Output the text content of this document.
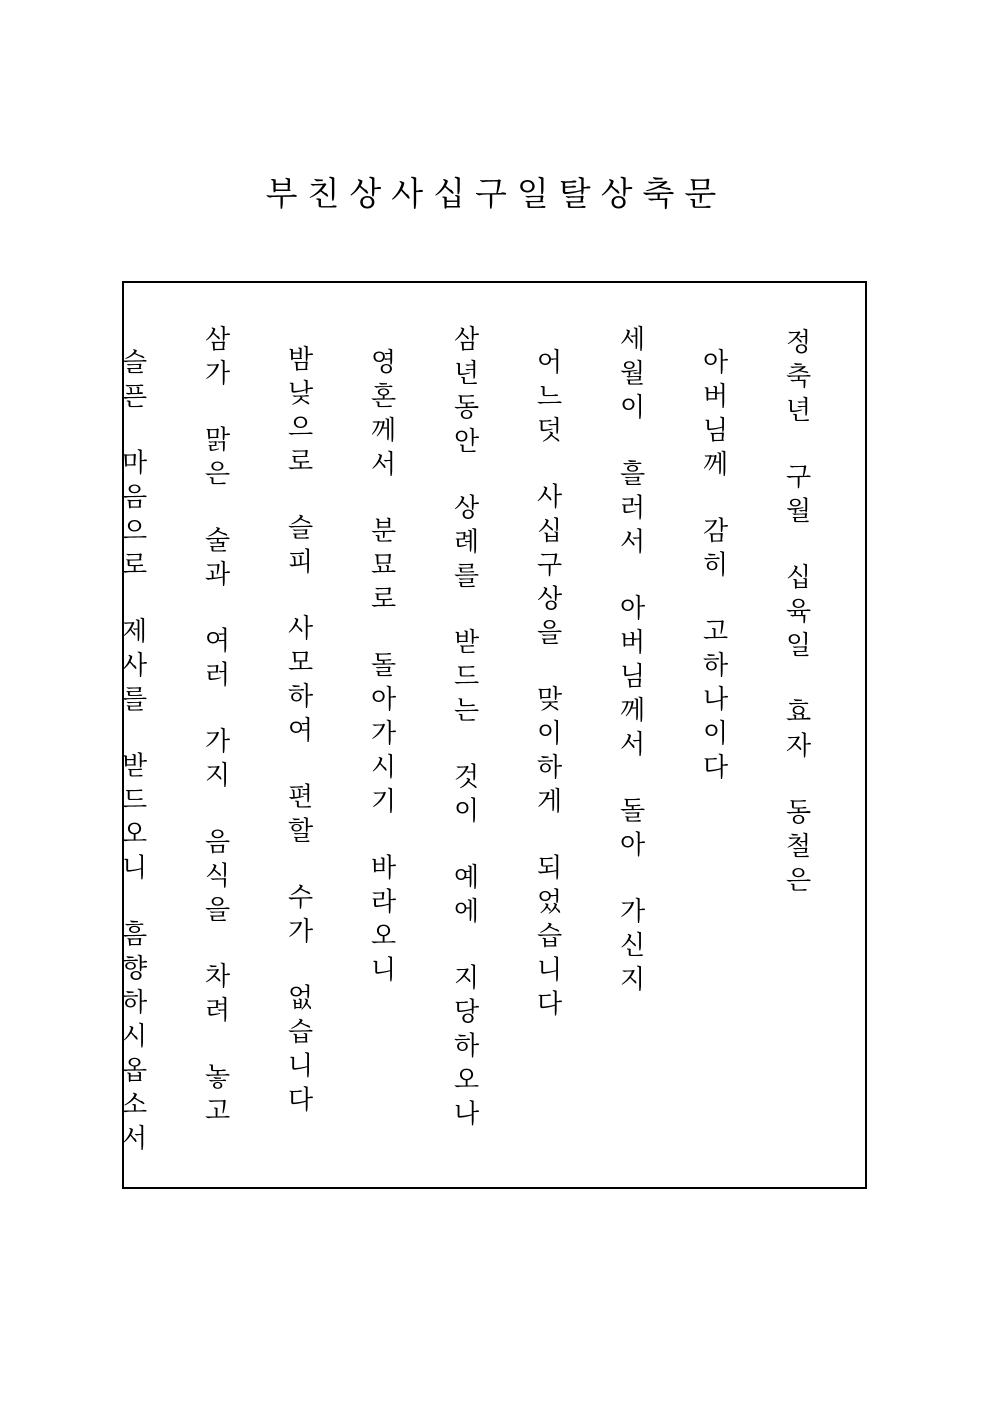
부친상사십구일탈상축문
정축년  구월  십육일  효자  동철은
아버님께  감히  고하나이다
세월이  흘러서  아버님께서  돌아  가신지
어느덧  사십구상을  맞이하게  되었습니다
삼년동안  상례를  받드는  것이  예에  지당하오나
영혼께서  분묘로  돌아가시기  바라오니
밤낮으로  슬피  사모하여  편할  수가  없습니다
삼가  맑은  술과  여러  가지  음식을  차려  놓고
슬픈  마음으로  제사를  받드오니  흠향하시옵소서
